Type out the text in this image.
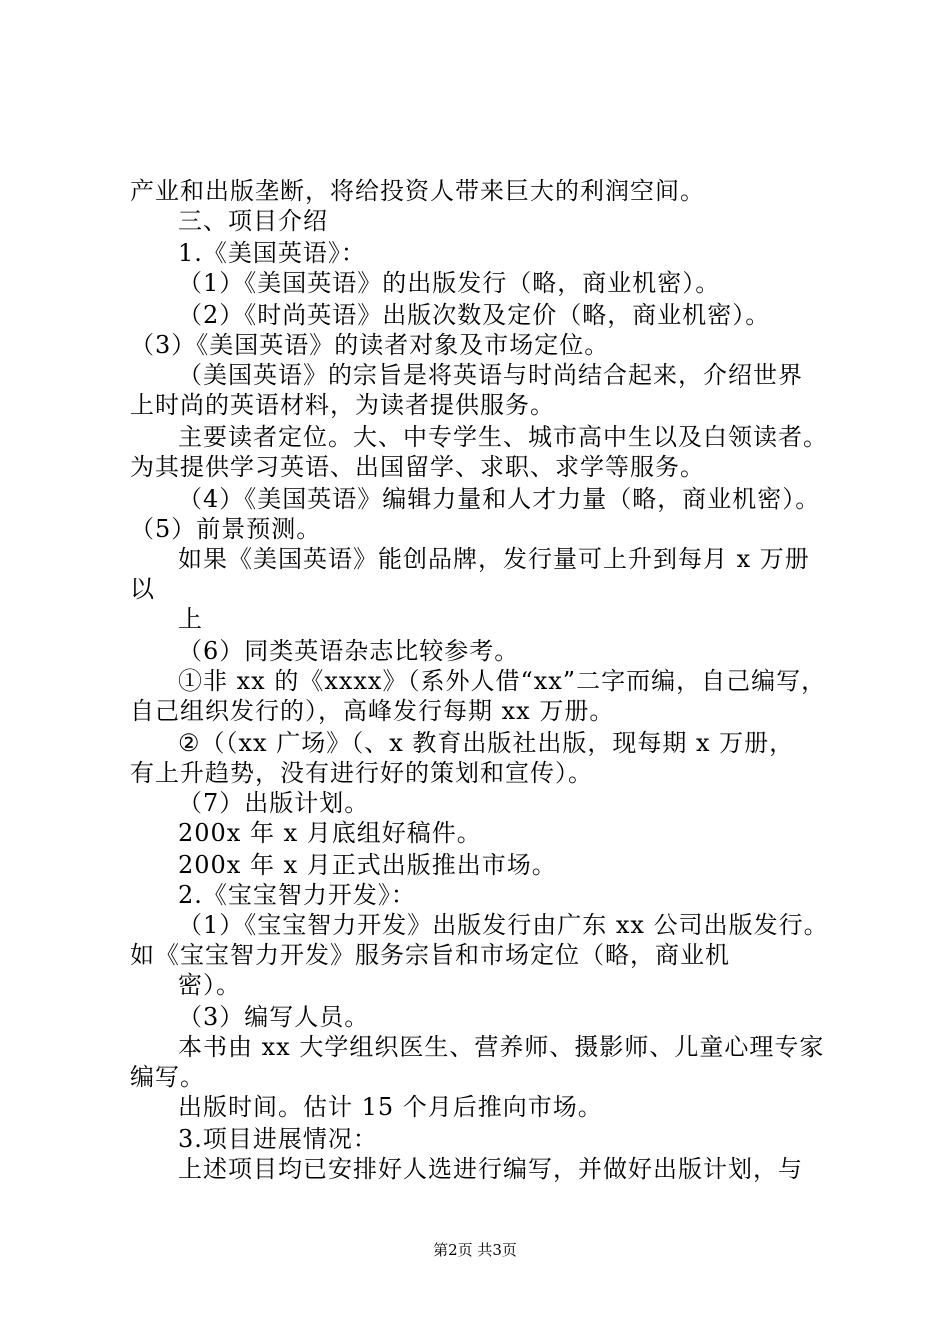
产业和出版垄断，将给投资人带来巨大的利润空间。
三、项目介绍
1.《美国英语》：
（1）《美国英语》的出版发行（略，商业机密）。
（2）《时尚英语》出版次数及定价（略，商业机密）。
（3）《美国英语》的读者对象及市场定位。
（美国英语》的宗旨是将英语与时尚结合起来，介绍世界
上时尚的英语材料，为读者提供服务。
主要读者定位。大、中专学生、城市高中生以及白领读者。
为其提供学习英语、出国留学、求职、求学等服务。
（4）《美国英语》编辑力量和人才力量（略，商业机密）。
（5）前景预测。
如果《美国英语》能创品牌，发行量可上升到每月 x 万册
以
上
（6）同类英语杂志比较参考。
①非 xx 的《xxxx》（系外人借“xx”二字而编，自己编写，
自己组织发行的），高峰发行每期 xx 万册。
②（（xx 广场》（、x 教育出版社出版，现每期 x 万册，
有上升趋势，没有进行好的策划和宣传）。
（7）出版计划。
200x 年 x 月底组好稿件。
200x 年 x 月正式出版推出市场。
2.《宝宝智力开发》：
（1）《宝宝智力开发》出版发行由广东 xx 公司出版发行。
如《宝宝智力开发》服务宗旨和市场定位（略，商业机
密）。
（3）编写人员。
本书由 xx 大学组织医生、营养师、摄影师、儿童心理专家
编写。
出版时间。估计 15 个月后推向市场。
3.项目进展情况：
上述项目均已安排好人选进行编写，并做好出版计划，与
第2页 共3页
